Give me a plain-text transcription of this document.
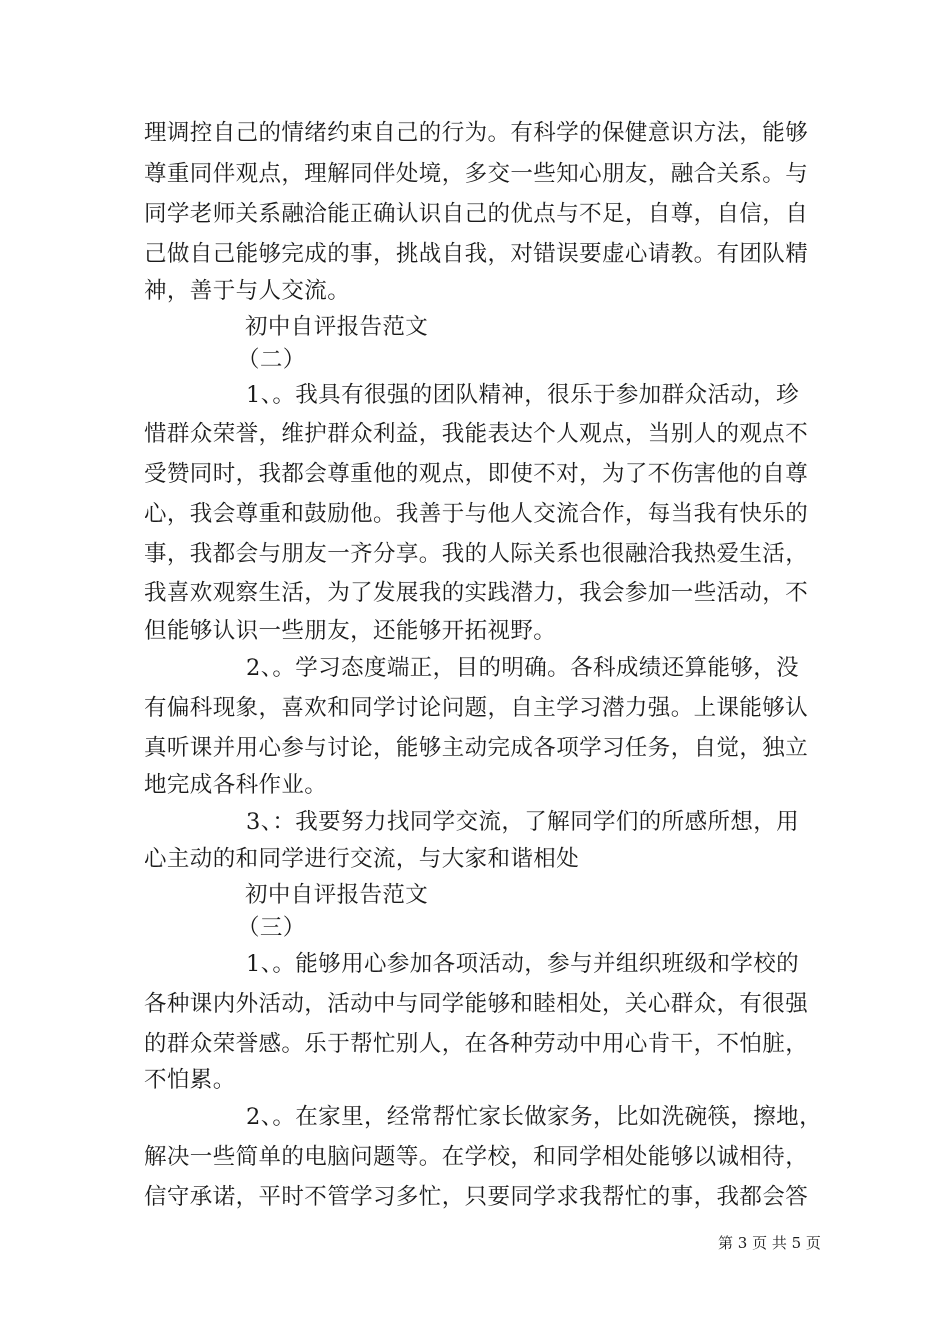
理调控自己的情绪约束自己的行为。有科学的保健意识方法，能够
尊重同伴观点，理解同伴处境，多交一些知心朋友，融合关系。与
同学老师关系融洽能正确认识自己的优点与不足，自尊，自信，自
己做自己能够完成的事，挑战自我，对错误要虚心请教。有团队精
神，善于与人交流。
初中自评报告范文
（二）
1、。我具有很强的团队精神，很乐于参加群众活动，珍
惜群众荣誉，维护群众利益，我能表达个人观点，当别人的观点不
受赞同时，我都会尊重他的观点，即使不对，为了不伤害他的自尊
心，我会尊重和鼓励他。我善于与他人交流合作，每当我有快乐的
事，我都会与朋友一齐分享。我的人际关系也很融洽我热爱生活，
我喜欢观察生活，为了发展我的实践潜力，我会参加一些活动，不
但能够认识一些朋友，还能够开拓视野。
2、。学习态度端正，目的明确。各科成绩还算能够，没
有偏科现象，喜欢和同学讨论问题，自主学习潜力强。上课能够认
真听课并用心参与讨论，能够主动完成各项学习任务，自觉，独立
地完成各科作业。
3、：我要努力找同学交流，了解同学们的所感所想，用
心主动的和同学进行交流，与大家和谐相处
初中自评报告范文
（三）
1、。能够用心参加各项活动，参与并组织班级和学校的
各种课内外活动，活动中与同学能够和睦相处，关心群众，有很强
的群众荣誉感。乐于帮忙别人，在各种劳动中用心肯干，不怕脏，
不怕累。
2、。在家里，经常帮忙家长做家务，比如洗碗筷，擦地，
解决一些简单的电脑问题等。在学校，和同学相处能够以诚相待，
信守承诺，平时不管学习多忙，只要同学求我帮忙的事，我都会答
第 3 页 共 5 页
